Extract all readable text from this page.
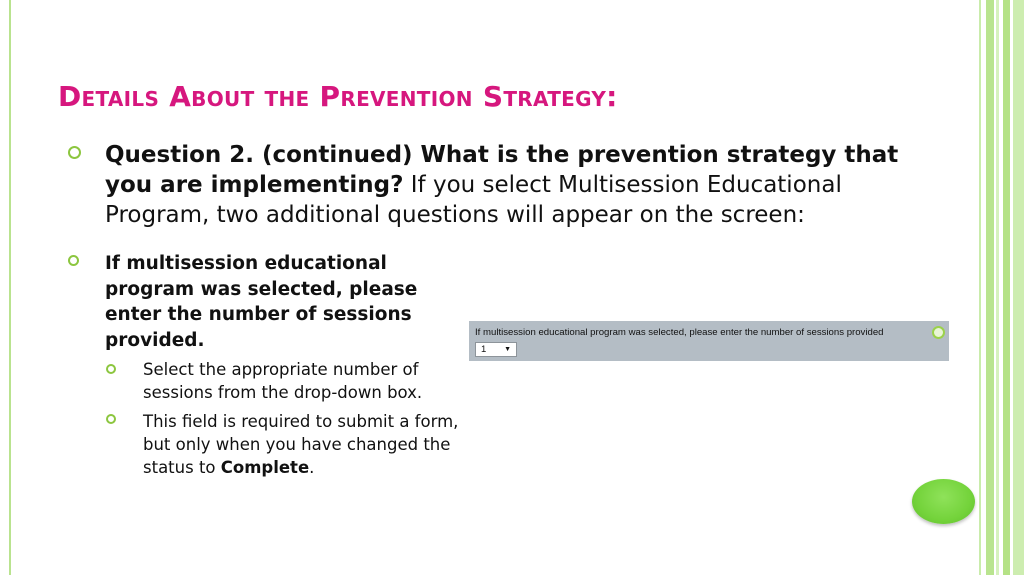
Details About the Prevention Strategy:
Question 2. (continued) What is the prevention strategy that you are implementing? If you select Multisession Educational Program, two additional questions will appear on the screen:
If multisession educational program was selected, please enter the number of sessions provided.
Select the appropriate number of sessions from the drop-down box.
This field is required to submit a form, but only when you have changed the status to Complete.
If multisession educational program was selected, please enter the number of sessions provided
1	▼
